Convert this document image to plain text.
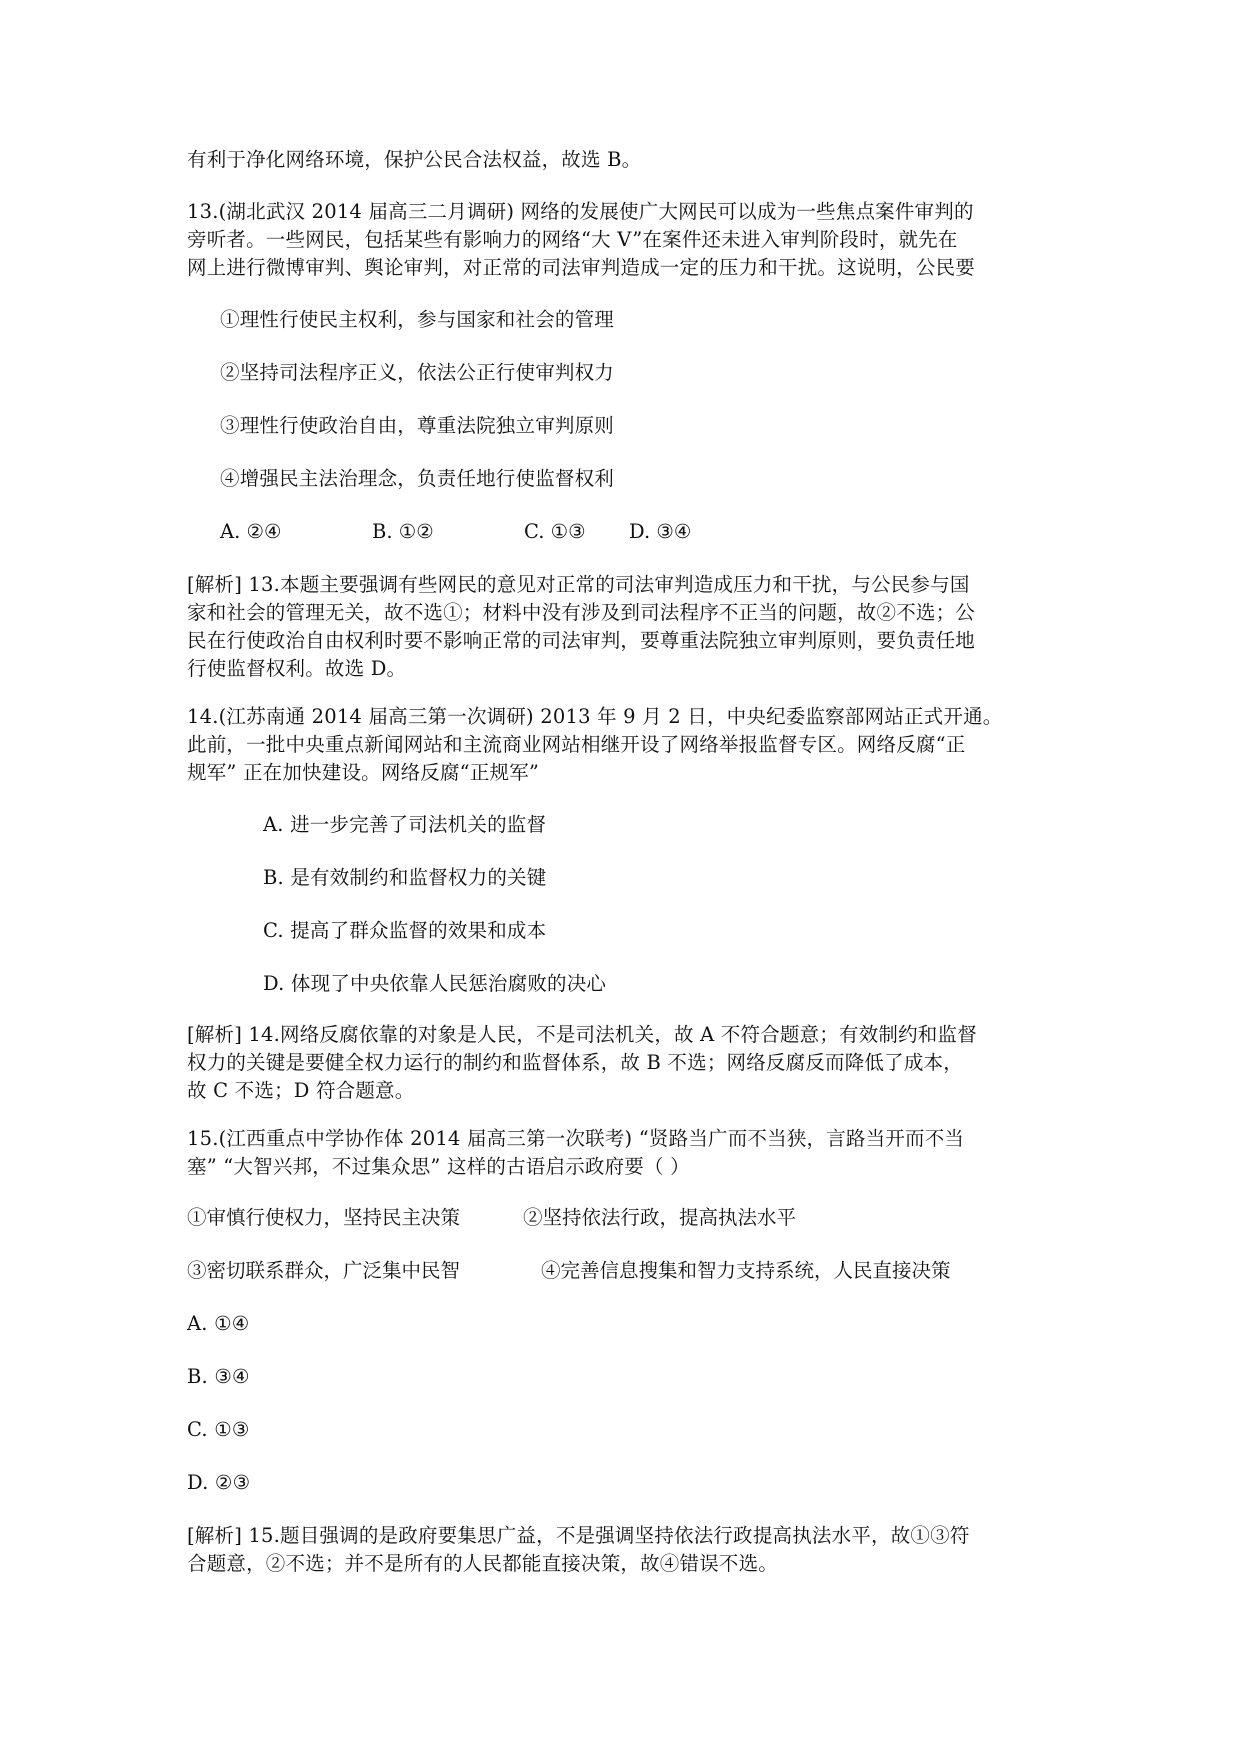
有利于净化网络环境，保护公民合法权益，故选 B。
13.(湖北武汉 2014 届高三二月调研) 网络的发展使广大网民可以成为一些焦点案件审判的
旁听者。一些网民，包括某些有影响力的网络“大 V”在案件还未进入审判阶段时，就先在
网上进行微博审判、舆论审判，对正常的司法审判造成一定的压力和干扰。这说明，公民要
①理性行使民主权利，参与国家和社会的管理
②坚持司法程序正义，依法公正行使审判权力
③理性行使政治自由，尊重法院独立审判原则
④增强民主法治理念，负责任地行使监督权利
A. ②④	B. ①②	C. ①③ D. ③④
[解析] 13.本题主要强调有些网民的意见对正常的司法审判造成压力和干扰，与公民参与国
家和社会的管理无关，故不选①；材料中没有涉及到司法程序不正当的问题，故②不选；公
民在行使政治自由权利时要不影响正常的司法审判，要尊重法院独立审判原则，要负责任地
行使监督权利。故选 D。
14.(江苏南通 2014 届高三第一次调研) 2013 年 9 月 2 日，中央纪委监察部网站正式开通。
此前，一批中央重点新闻网站和主流商业网站相继开设了网络举报监督专区。网络反腐“正
规军” 正在加快建设。网络反腐“正规军”
A. 进一步完善了司法机关的监督
B. 是有效制约和监督权力的关键
C. 提高了群众监督的效果和成本
D. 体现了中央依靠人民惩治腐败的决心
[解析] 14.网络反腐依靠的对象是人民，不是司法机关，故 A 不符合题意；有效制约和监督
权力的关键是要健全权力运行的制约和监督体系，故 B 不选；网络反腐反而降低了成本，
故 C 不选；D 符合题意。
15.(江西重点中学协作体 2014 届高三第一次联考) “贤路当广而不当狭，言路当开而不当
塞” “大智兴邦，不过集众思” 这样的古语启示政府要（ ）
①审慎行使权力，坚持民主决策	②坚持依法行政，提高执法水平
③密切联系群众，广泛集中民智	④完善信息搜集和智力支持系统，人民直接决策
A. ①④
B. ③④
C. ①③
D. ②③
[解析] 15.题目强调的是政府要集思广益，不是强调坚持依法行政提高执法水平，故①③符
合题意，②不选；并不是所有的人民都能直接决策，故④错误不选。
